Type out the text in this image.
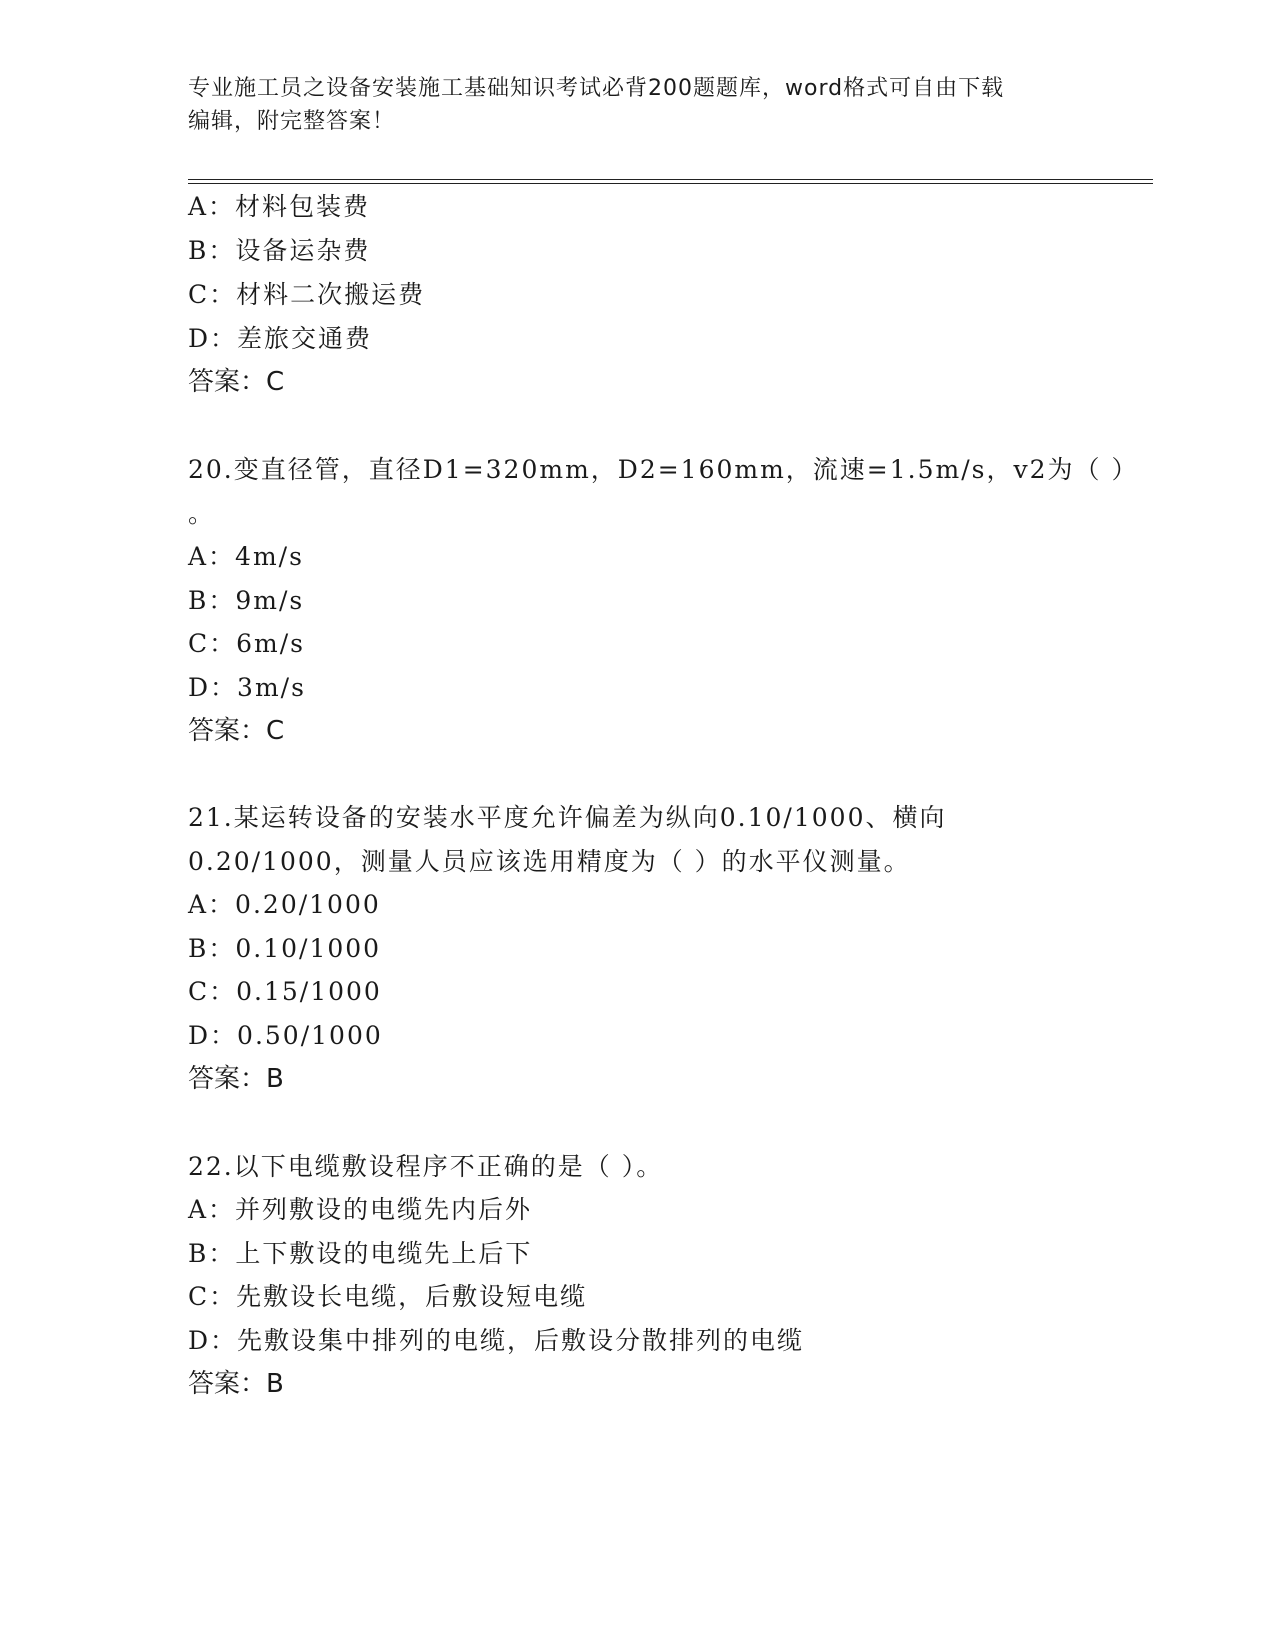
专业施工员之设备安装施工基础知识考试必背200题题库，word格式可自由下载
编辑，附完整答案！
A：材料包装费
B：设备运杂费
C：材料二次搬运费
D：差旅交通费
答案：C
20.变直径管，直径D1=320mm，D2=160mm，流速=1.5m/s，v2为（ ）
。
A：4m/s
B：9m/s
C：6m/s
D：3m/s
答案：C
21.某运转设备的安装水平度允许偏差为纵向0.10/1000、横向
0.20/1000，测量人员应该选用精度为（ ）的水平仪测量。
A：0.20/1000
B：0.10/1000
C：0.15/1000
D：0.50/1000
答案：B
22.以下电缆敷设程序不正确的是（ ）。
A：并列敷设的电缆先内后外
B：上下敷设的电缆先上后下
C：先敷设长电缆，后敷设短电缆
D：先敷设集中排列的电缆，后敷设分散排列的电缆
答案：B
